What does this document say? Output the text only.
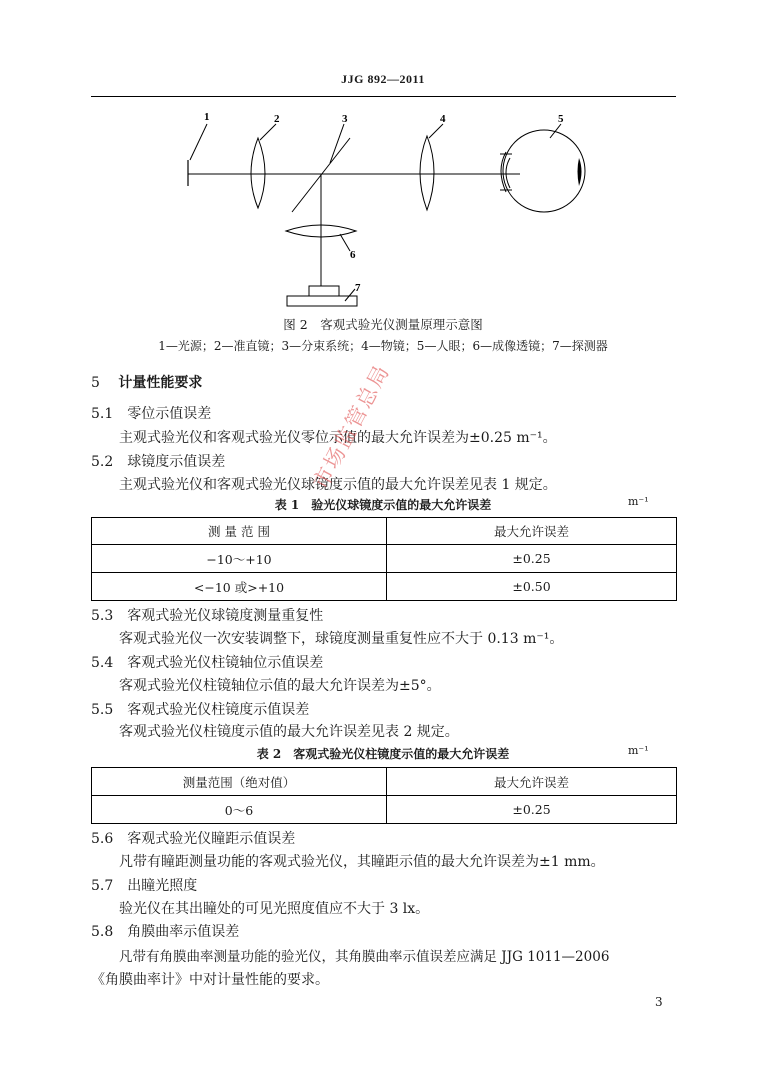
JJG 892—2011
1	2	3	4	5
6
7
图 2　客观式验光仪测量原理示意图
1—光源；2—准直镜；3—分束系统；4—物镜；5—人眼；6—成像透镜；7—探测器
5 计量性能要求
5.1 零位示值误差
主观式验光仪和客观式验光仪零位示值的最大允许误差为±0.25 m⁻¹。
5.2 球镜度示值误差
主观式验光仪和客观式验光仪球镜度示值的最大允许误差见表 1 规定。
表 1　验光仪球镜度示值的最大允许误差	m⁻¹
测 量 范 围	最大允许误差
−10～+10	±0.25
<−10 或>+10	±0.50
5.3 客观式验光仪球镜度测量重复性
客观式验光仪一次安装调整下，球镜度测量重复性应不大于 0.13 m⁻¹。
5.4 客观式验光仪柱镜轴位示值误差
客观式验光仪柱镜轴位示值的最大允许误差为±5°。
5.5 客观式验光仪柱镜度示值误差
客观式验光仪柱镜度示值的最大允许误差见表 2 规定。
表 2　客观式验光仪柱镜度示值的最大允许误差	m⁻¹
测量范围（绝对值）	最大允许误差
0～6	±0.25
5.6 客观式验光仪瞳距示值误差
凡带有瞳距测量功能的客观式验光仪，其瞳距示值的最大允许误差为±1 mm。
5.7 出瞳光照度
验光仪在其出瞳处的可见光照度值应不大于 3 lx。
5.8 角膜曲率示值误差
凡带有角膜曲率测量功能的验光仪，其角膜曲率示值误差应满足 JJG 1011—2006
《角膜曲率计》中对计量性能的要求。
3
市场监管总局
